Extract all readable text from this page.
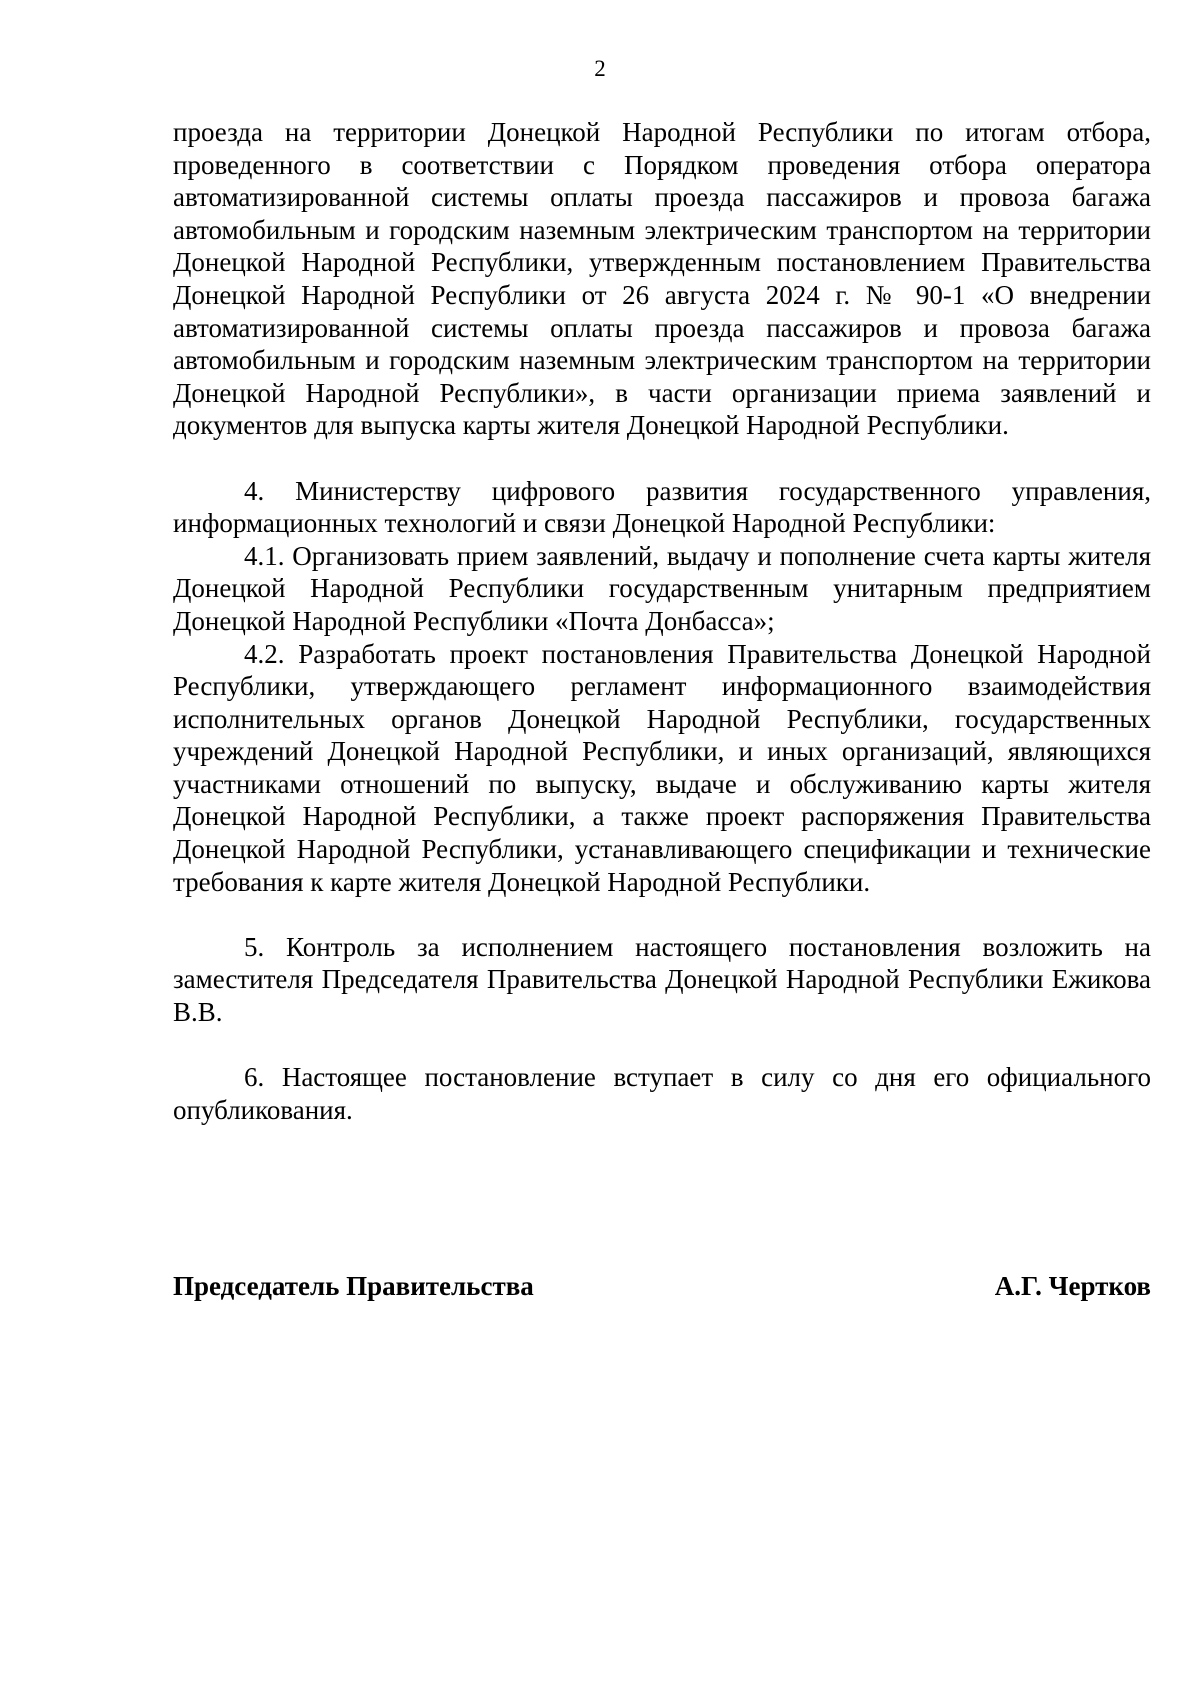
2

проезда на территории Донецкой Народной Республики по итогам отбора, проведенного в соответствии с Порядком проведения отбора оператора автоматизированной системы оплаты проезда пассажиров и провоза багажа автомобильным и городским наземным электрическим транспортом на территории Донецкой Народной Республики, утвержденным постановлением Правительства Донецкой Народной Республики от 26 августа 2024 г. № 90-1 «О внедрении автоматизированной системы оплаты проезда пассажиров и провоза багажа автомобильным и городским наземным электрическим транспортом на территории Донецкой Народной Республики», в части организации приема заявлений и документов для выпуска карты жителя Донецкой Народной Республики.

4. Министерству цифрового развития государственного управления, информационных технологий и связи Донецкой Народной Республики:

4.1. Организовать прием заявлений, выдачу и пополнение счета карты жителя Донецкой Народной Республики государственным унитарным предприятием Донецкой Народной Республики «Почта Донбасса»;

4.2. Разработать проект постановления Правительства Донецкой Народной Республики, утверждающего регламент информационного взаимодействия исполнительных органов Донецкой Народной Республики, государственных учреждений Донецкой Народной Республики, и иных организаций, являющихся участниками отношений по выпуску, выдаче и обслуживанию карты жителя Донецкой Народной Республики, а также проект распоряжения Правительства Донецкой Народной Республики, устанавливающего спецификации и технические требования к карте жителя Донецкой Народной Республики.

5. Контроль за исполнением настоящего постановления возложить на заместителя Председателя Правительства Донецкой Народной Республики Ежикова В.В.

6. Настоящее постановление вступает в силу со дня его официального опубликования.

Председатель Правительства	А.Г. Чертков
